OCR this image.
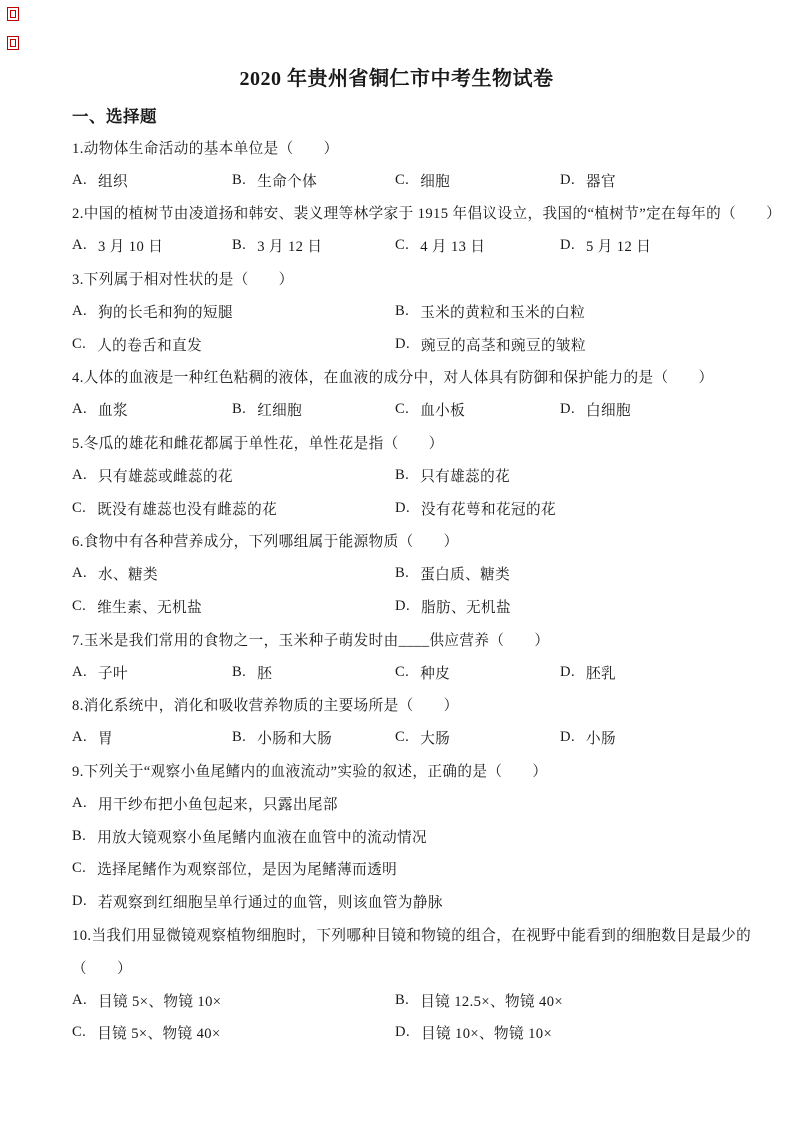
2020 年贵州省铜仁市中考生物试卷
一、选择题
1.动物体生命活动的基本单位是（　　）
A. 组织	B. 生命个体	C. 细胞	D. 器官
2.中国的植树节由凌道扬和韩安、裴义理等林学家于 1915 年倡议设立，我国的“植树节”定在每年的（　　）
A. 3 月 10 日	B. 3 月 12 日	C. 4 月 13 日	D. 5 月 12 日
3.下列属于相对性状的是（　　）
A. 狗的长毛和狗的短腿	B. 玉米的黄粒和玉米的白粒
C. 人的卷舌和直发	D. 豌豆的高茎和豌豆的皱粒
4.人体的血液是一种红色粘稠的液体，在血液的成分中，对人体具有防御和保护能力的是（　　）
A. 血浆	B. 红细胞	C. 血小板	D. 白细胞
5.冬瓜的雄花和雌花都属于单性花，单性花是指（　　）
A. 只有雄蕊或雌蕊的花	B. 只有雄蕊的花
C. 既没有雄蕊也没有雌蕊的花	D. 没有花萼和花冠的花
6.食物中有各种营养成分，下列哪组属于能源物质（　　）
A. 水、糖类	B. 蛋白质、糖类
C. 维生素、无机盐	D. 脂肪、无机盐
7.玉米是我们常用的食物之一，玉米种子萌发时由____供应营养（　　）
A. 子叶	B. 胚	C. 种皮	D. 胚乳
8.消化系统中，消化和吸收营养物质的主要场所是（　　）
A. 胃	B. 小肠和大肠	C. 大肠	D. 小肠
9.下列关于“观察小鱼尾鳍内的血液流动”实验的叙述，正确的是（　　）
A. 用干纱布把小鱼包起来，只露出尾部
B. 用放大镜观察小鱼尾鳍内血液在血管中的流动情况
C. 选择尾鳍作为观察部位，是因为尾鳍薄而透明
D. 若观察到红细胞呈单行通过的血管，则该血管为静脉
10.当我们用显微镜观察植物细胞时，下列哪种目镜和物镜的组合，在视野中能看到的细胞数目是最少的
（　　）
A. 目镜 5×、物镜 10×	B. 目镜 12.5×、物镜 40×
C. 目镜 5×、物镜 40×	D. 目镜 10×、物镜 10×
